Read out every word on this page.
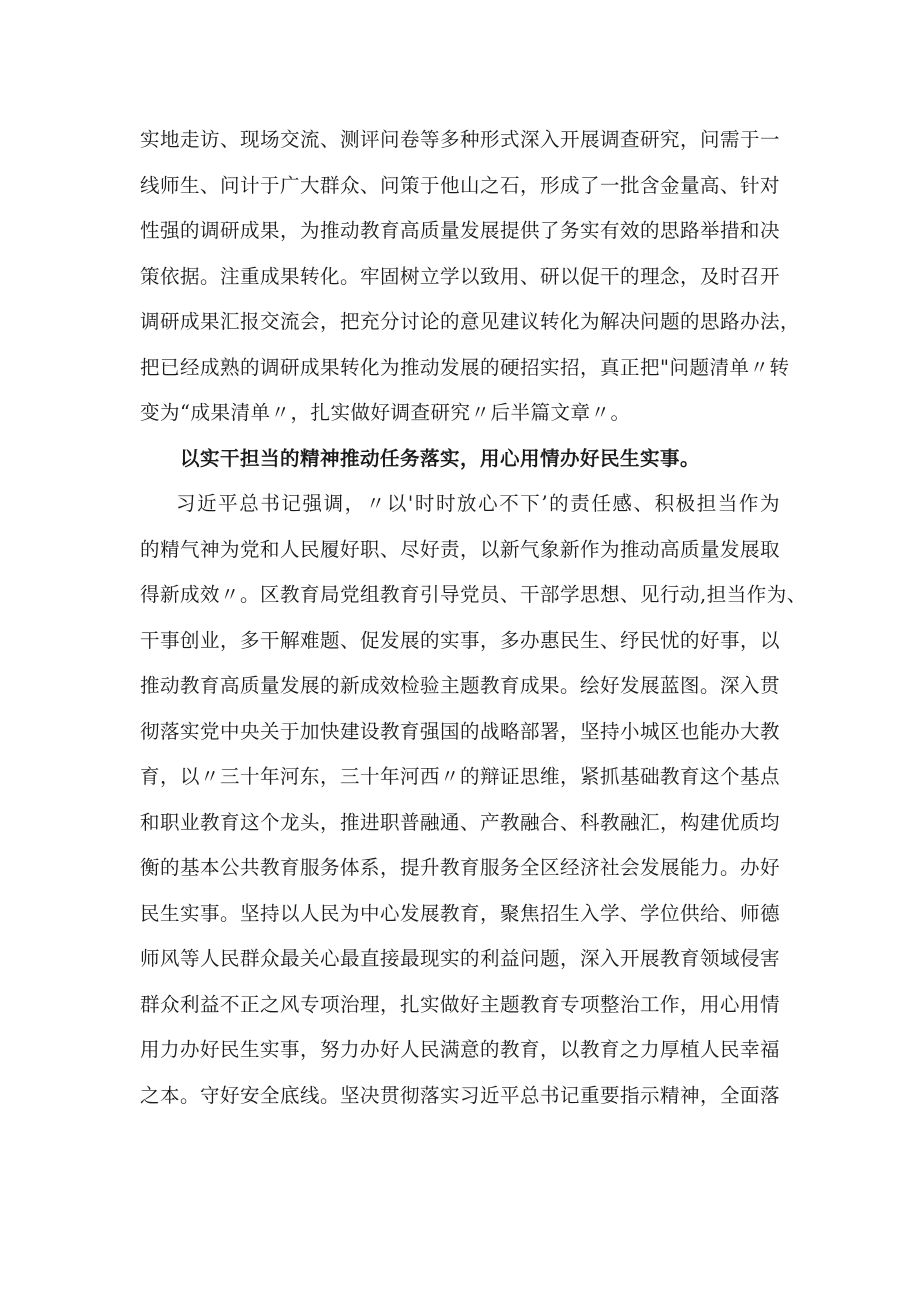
实地走访、现场交流、测评问卷等多种形式深入开展调查研究，问需于一
线师生、问计于广大群众、问策于他山之石，形成了一批含金量高、针对
性强的调研成果，为推动教育高质量发展提供了务实有效的思路举措和决
策依据。注重成果转化。牢固树立学以致用、研以促干的理念，及时召开
调研成果汇报交流会，把充分讨论的意见建议转化为解决问题的思路办法，
把已经成熟的调研成果转化为推动发展的硬招实招，真正把"问题清单〃转
变为“成果清单〃，扎实做好调查研究〃后半篇文章〃。
以实干担当的精神推动任务落实，用心用情办好民生实事。
习近平总书记强调，〃以'时时放心不下’的责任感、积极担当作为
的精气神为党和人民履好职、尽好责，以新气象新作为推动高质量发展取
得新成效〃。区教育局党组教育引导党员、干部学思想、见行动,担当作为、
干事创业，多干解难题、促发展的实事，多办惠民生、纾民忧的好事，以
推动教育高质量发展的新成效检验主题教育成果。绘好发展蓝图。深入贯
彻落实党中央关于加快建设教育强国的战略部署，坚持小城区也能办大教
育，以〃三十年河东，三十年河西〃的辩证思维，紧抓基础教育这个基点
和职业教育这个龙头，推进职普融通、产教融合、科教融汇，构建优质均
衡的基本公共教育服务体系，提升教育服务全区经济社会发展能力。办好
民生实事。坚持以人民为中心发展教育，聚焦招生入学、学位供给、师德
师风等人民群众最关心最直接最现实的利益问题，深入开展教育领域侵害
群众利益不正之风专项治理，扎实做好主题教育专项整治工作，用心用情
用力办好民生实事，努力办好人民满意的教育，以教育之力厚植人民幸福
之本。守好安全底线。坚决贯彻落实习近平总书记重要指示精神，全面落
